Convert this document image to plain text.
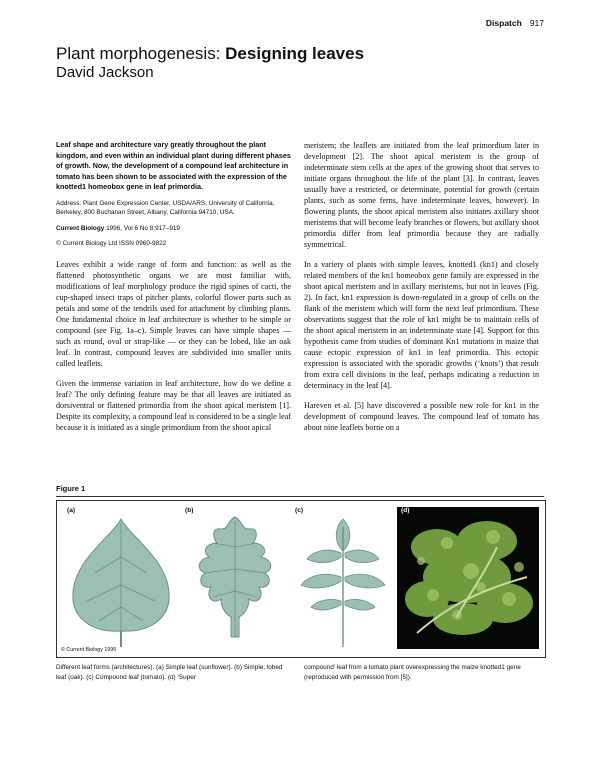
Dispatch 917
Plant morphogenesis: Designing leaves
David Jackson
Leaf shape and architecture vary greatly throughout the plant kingdom, and even within an individual plant during different phases of growth. Now, the development of a compound leaf architecture in tomato has been shown to be associated with the expression of the knotted1 homeobox gene in leaf primordia.
Address: Plant Gene Expression Center, USDA/ARS, University of California, Berkeley, 800 Buchanan Street, Albany, California 94710, USA.
Current Biology 1996, Vol 6 No 8:917–919
© Current Biology Ltd ISSN 0960-9822

Leaves exhibit a wide range of form and function: as well as the flattened photosynthetic organs we are most familiar with, modifications of leaf morphology produce the rigid spines of cacti, the cup-shaped insect traps of pitcher plants, colorful flower parts such as petals and some of the tendrils used for attachment by climbing plants. One fundamental choice in leaf architecture is whether to be simple or compound (see Fig. 1a–c). Simple leaves can have simple shapes — such as round, oval or strap-like — or they can be lobed, like an oak leaf. In contrast, compound leaves are subdivided into smaller units called leaflets.

Given the immense variation in leaf architecture, how do we define a leaf? The only defining feature may be that all leaves are initiated as dorsiventral or flattened primordia from the shoot apical meristem [1]. Despite its complexity, a compound leaf is considered to be a single leaf because it is initiated as a single primordium from the shoot apical

meristem; the leaflets are initiated from the leaf primordium later in development [2]. The shoot apical meristem is the group of indeterminate stem cells at the apex of the growing shoot that serves to initiate organs throughout the life of the plant [3]. In contrast, leaves usually have a restricted, or determinate, potential for growth (certain plants, such as some ferns, have indeterminate leaves, however). In flowering plants, the shoot apical meristem also initiates axillary shoot meristems that will become leafy branches or flowers, but axillary shoot primordia differ from leaf primordia because they are radially symmetrical.

In a variety of plants with simple leaves, knotted1 (kn1) and closely related members of the kn1 homeobox gene family are expressed in the shoot apical meristem and in axillary meristems, but not in leaves (Fig. 2). In fact, kn1 expression is down-regulated in a group of cells on the flank of the meristem which will form the next leaf primordium. These observations suggest that the role of kn1 might be to maintain cells of the shoot apical meristem in an indeterminate state [4]. Support for this hypothesis came from studies of dominant Kn1 mutations in maize that cause ectopic expression of kn1 in leaf primordia. This ectopic expression is associated with the sporadic growths (‘knots’) that result from extra cell divisions in the leaf, perhaps indicating a reduction in determinacy in the leaf [4].

Hareven et al. [5] have discovered a possible new role for kn1 in the development of compound leaves. The compound leaf of tomato has about nine leaflets borne on a

Figure 1
(a)	(b)	(c)	(d)
© Current Biology 1996
Different leaf forms (architectures). (a) Simple leaf (sunflower). (b) Simple, lobed leaf (oak). (c) Compound leaf (tomato). (d) ‘Super
compound’ leaf from a tomato plant overexpressing the maize knotted1 gene (reproduced with permission from [5]).
